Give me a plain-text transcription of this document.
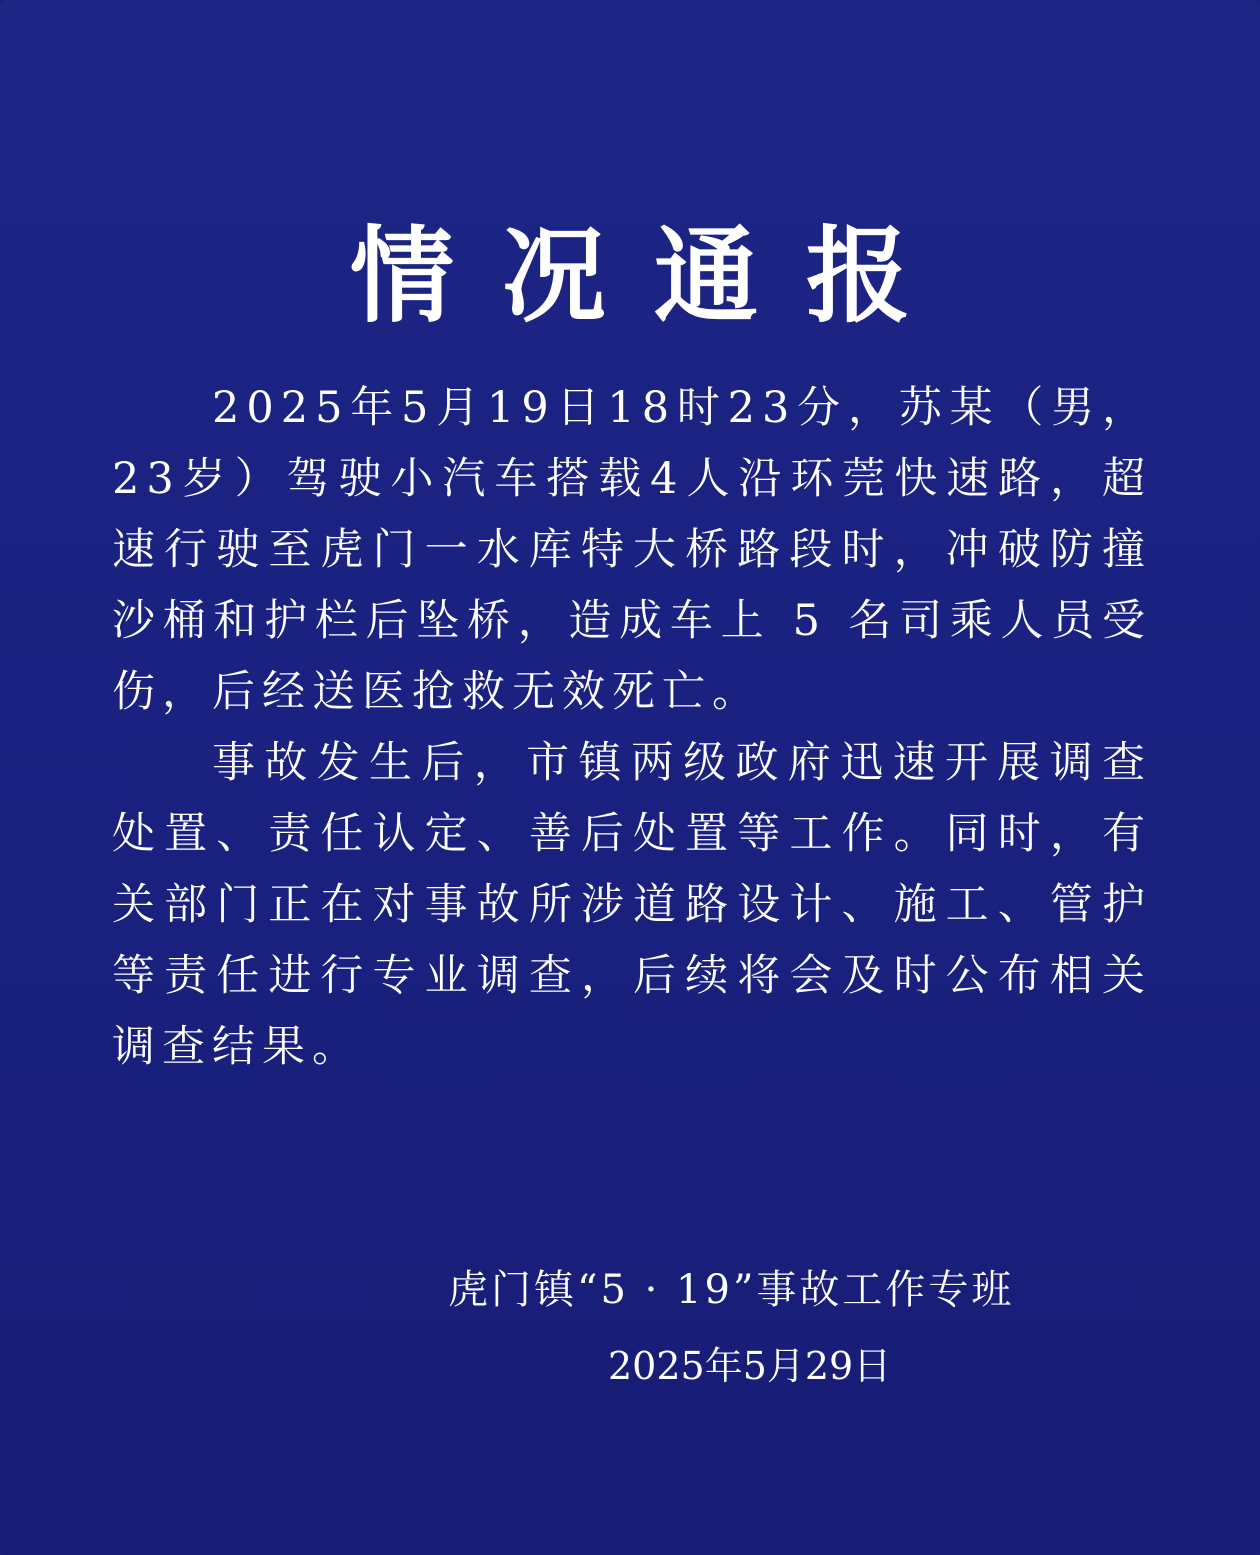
情况通报

2025年5月19日18时23分，苏某（男，23岁）驾驶小汽车搭载4人沿环莞快速路，超速行驶至虎门一水库特大桥路段时，冲破防撞沙桶和护栏后坠桥，造成车上 5 名司乘人员受伤，后经送医抢救无效死亡。

事故发生后，市镇两级政府迅速开展调查处置、责任认定、善后处置等工作。同时，有关部门正在对事故所涉道路设计、施工、管护等责任进行专业调查，后续将会及时公布相关调查结果。

虎门镇“5 · 19”事故工作专班
2025年5月29日
